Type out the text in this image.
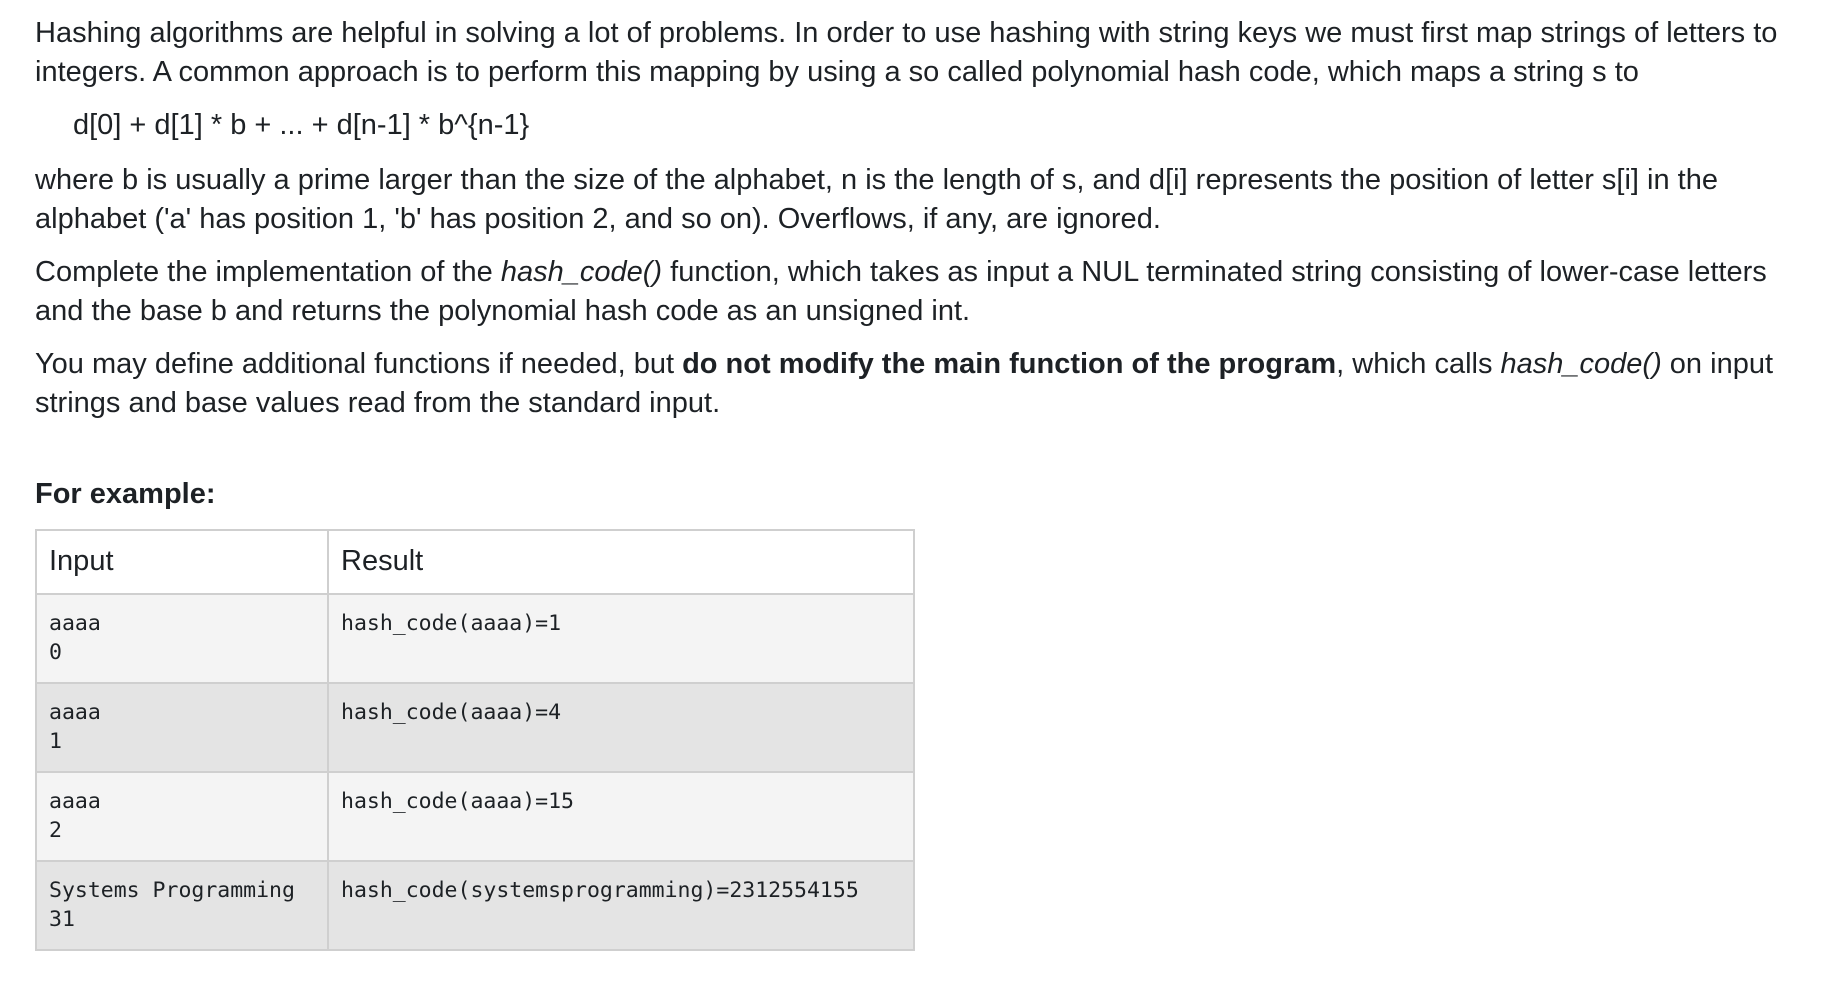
Hashing algorithms are helpful in solving a lot of problems. In order to use hashing with string keys we must first map strings of letters to integers. A common approach is to perform this mapping by using a so called polynomial hash code, which maps a string s to

d[0] + d[1] * b + ... + d[n-1] * b^{n-1}

where b is usually a prime larger than the size of the alphabet, n is the length of s, and d[i] represents the position of letter s[i] in the alphabet ('a' has position 1, 'b' has position 2, and so on). Overflows, if any, are ignored.

Complete the implementation of the hash_code() function, which takes as input a NUL terminated string consisting of lower-case letters and the base b and returns the polynomial hash code as an unsigned int.

You may define additional functions if needed, but do not modify the main function of the program, which calls hash_code() on input strings and base values read from the standard input.

For example:
Input	Result

aaaa
0	hash_code(aaaa)=1

aaaa
1	hash_code(aaaa)=4

aaaa
2	hash_code(aaaa)=15

Systems Programming
31	hash_code(systemsprogramming)=2312554155
